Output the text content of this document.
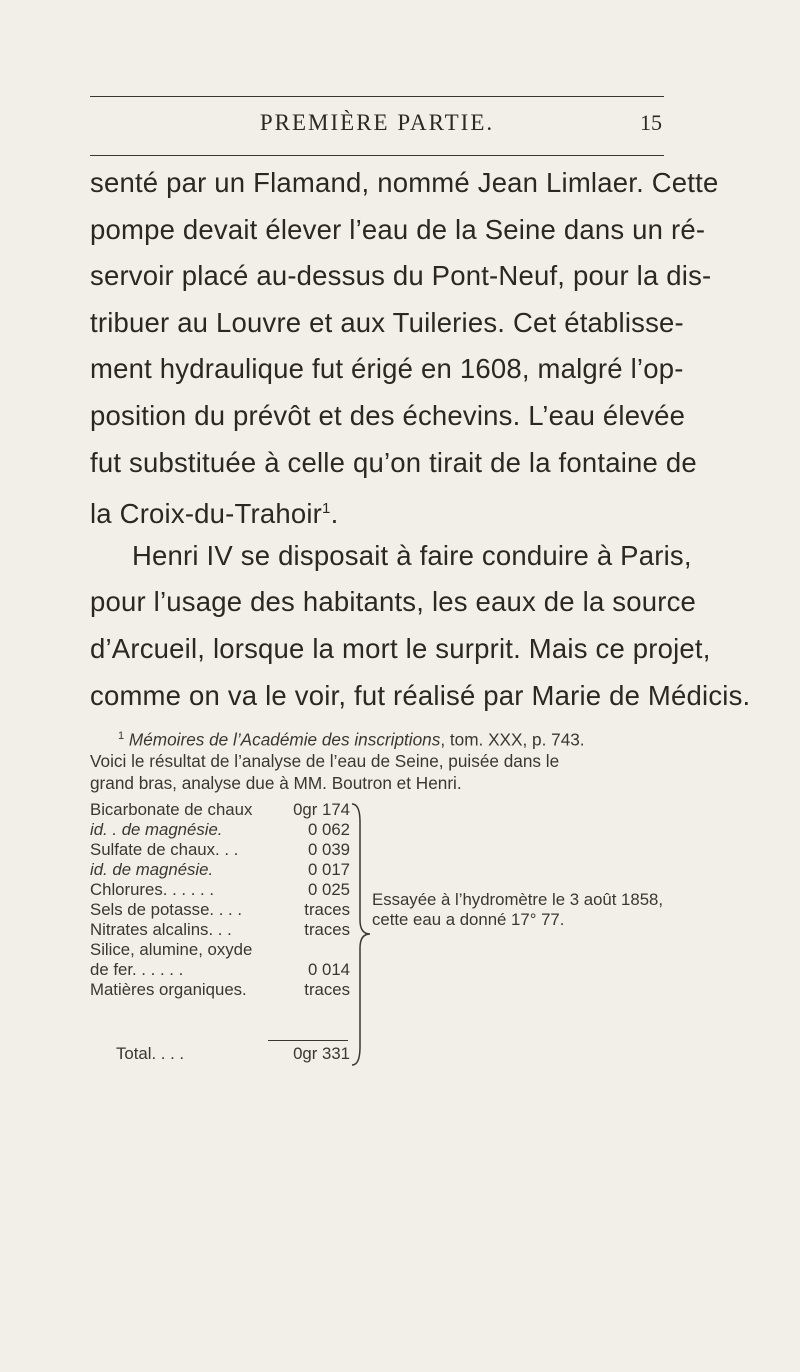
PREMIÈRE PARTIE.	15
senté par un Flamand, nommé Jean Limlaer. Cette
pompe devait élever l’eau de la Seine dans un ré-
servoir placé au-dessus du Pont-Neuf, pour la dis-
tribuer au Louvre et aux Tuileries. Cet établisse-
ment hydraulique fut érigé en 1608, malgré l’op-
position du prévôt et des échevins. L’eau élevée
fut substituée à celle qu’on tirait de la fontaine de
la Croix-du-Trahoir$^1$.
Henri IV se disposait à faire conduire à Paris,
pour l’usage des habitants, les eaux de la source
d’Arcueil, lorsque la mort le surprit. Mais ce projet,
comme on va le voir, fut réalisé par Marie de Médicis.
$^1$ Mémoires de l’Académie des inscriptions, tom. XXX, p. 743.
Voici le résultat de l’analyse de l’eau de Seine, puisée dans le
grand bras, analyse due à MM. Boutron et Henri.
Bicarbonate de chaux	0gr 174
id. . de magnésie.	0 062
Sulfate de chaux. . .	0 039
id. de magnésie.	0 017
Chlorures. . . . . .	0 025
Sels de potasse. . . .	traces
Nitrates alcalins. . .	traces
Silice, alumine, oxyde
de fer. . . . . .	0 014
Matières organiques.	traces
Total. . . .	0gr 331
Essayée à l’hydromètre le 3 août 1858, cette eau a donné 17° 77.
